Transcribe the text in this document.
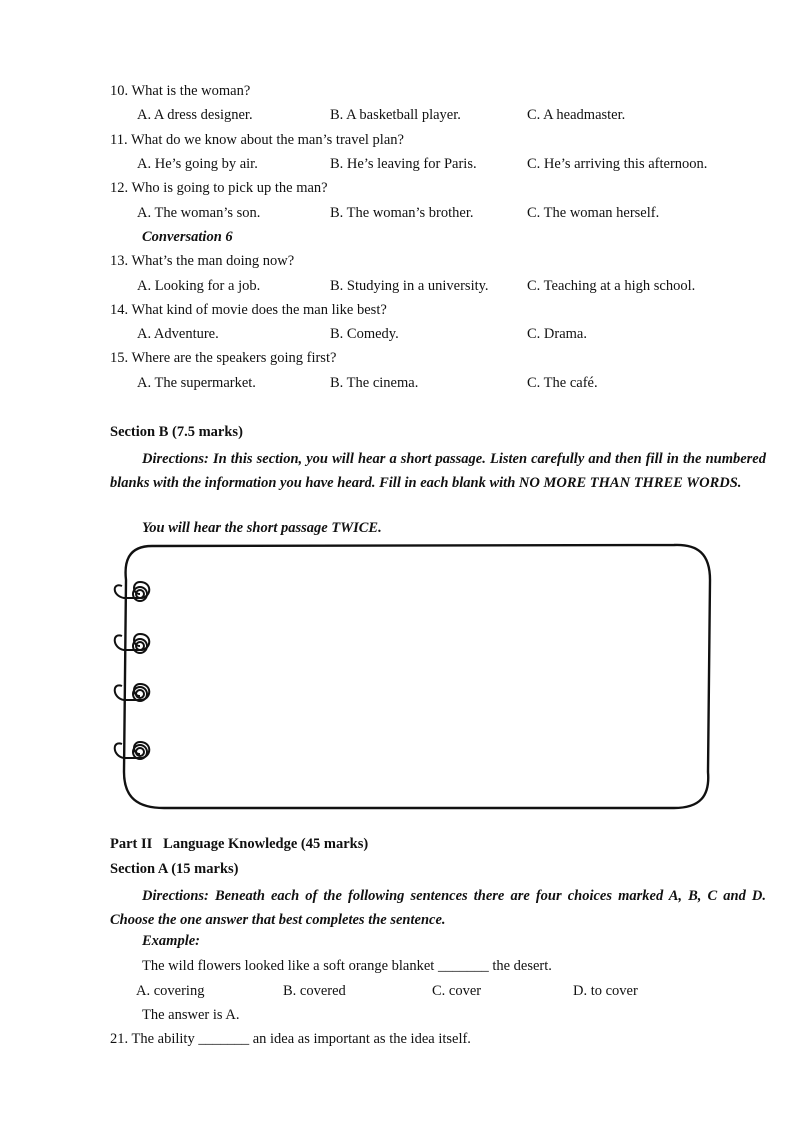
10. What is the woman?
A. A dress designer.	B. A basketball player.	C. A headmaster.
11. What do we know about the man’s travel plan?
A. He’s going by air.	B. He’s leaving for Paris.	C. He’s arriving this afternoon.
12. Who is going to pick up the man?
A. The woman’s son.	B. The woman’s brother.	C. The woman herself.
Conversation 6
13. What’s the man doing now?
A. Looking for a job.	B. Studying in a university.	C. Teaching at a high school.
14. What kind of movie does the man like best?
A. Adventure.	B. Comedy.	C. Drama.
15. Where are the speakers going first?
A. The supermarket.	B. The cinema.	C. The café.
Section B (7.5 marks)
Directions: In this section, you will hear a short passage. Listen carefully and then fill in the numbered blanks with the information you have heard. Fill in each blank with NO MORE THAN THREE WORDS.
You will hear the short passage TWICE.
Part II   Language Knowledge (45 marks)
Section A (15 marks)
Directions: Beneath each of the following sentences there are four choices marked A, B, C and D. Choose the one answer that best completes the sentence.
Example:
The wild flowers looked like a soft orange blanket _______ the desert.
A. covering	B. covered	C. cover	D. to cover
The answer is A.
21. The ability _______ an idea as important as the idea itself.
